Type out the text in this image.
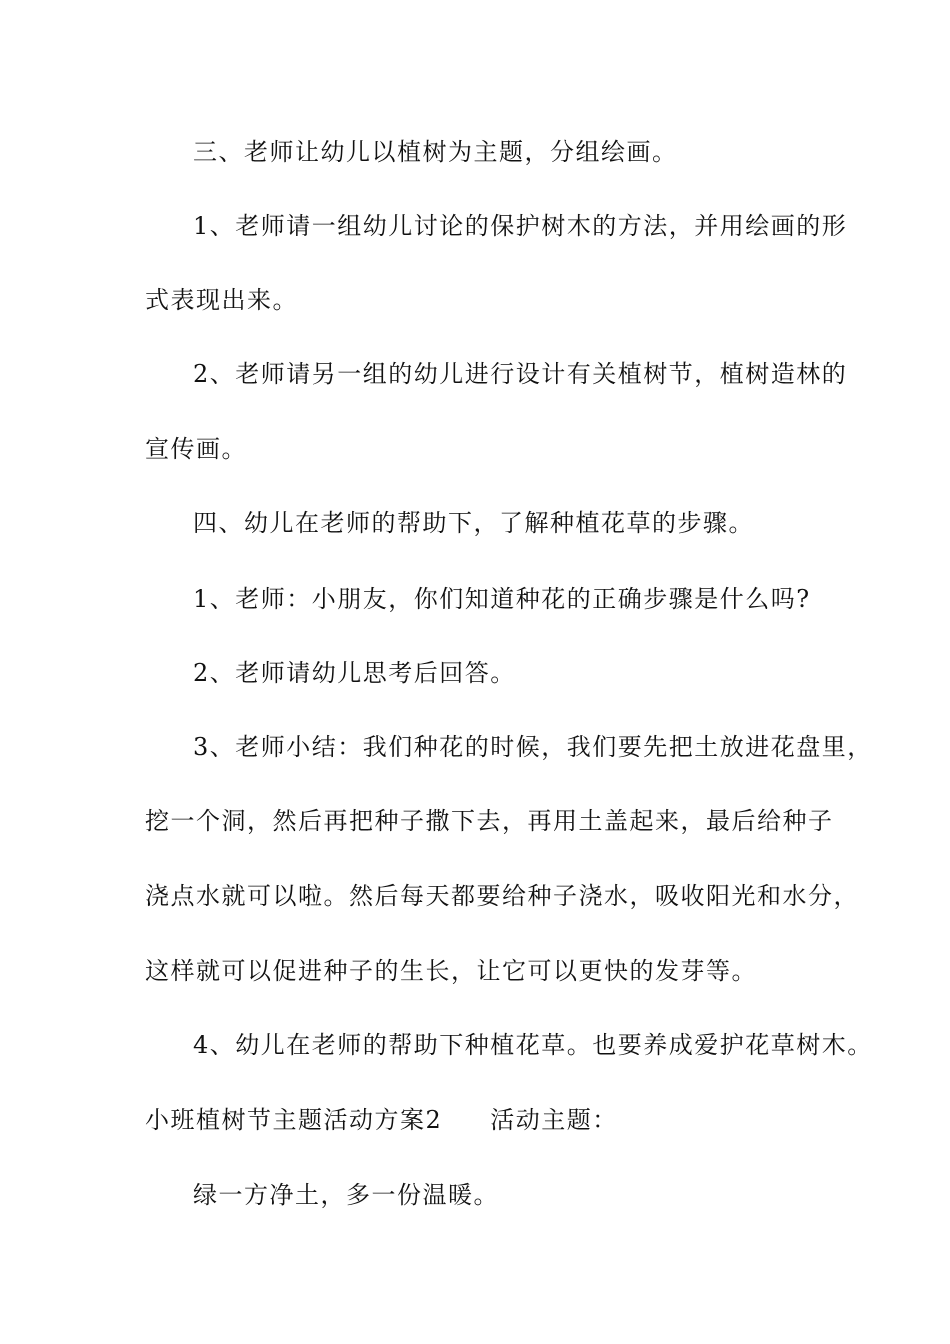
三、老师让幼儿以植树为主题，分组绘画。
1、老师请一组幼儿讨论的保护树木的方法，并用绘画的形
式表现出来。
2、老师请另一组的幼儿进行设计有关植树节，植树造林的
宣传画。
四、幼儿在老师的帮助下，了解种植花草的步骤。
1、老师：小朋友，你们知道种花的正确步骤是什么吗?
2、老师请幼儿思考后回答。
3、老师小结：我们种花的时候，我们要先把土放进花盘里，
挖一个洞，然后再把种子撒下去，再用土盖起来，最后给种子
浇点水就可以啦。然后每天都要给种子浇水，吸收阳光和水分，
这样就可以促进种子的生长，让它可以更快的发芽等。
4、幼儿在老师的帮助下种植花草。也要养成爱护花草树木。
小班植树节主题活动方案2 活动主题：
绿一方净土，多一份温暖。
